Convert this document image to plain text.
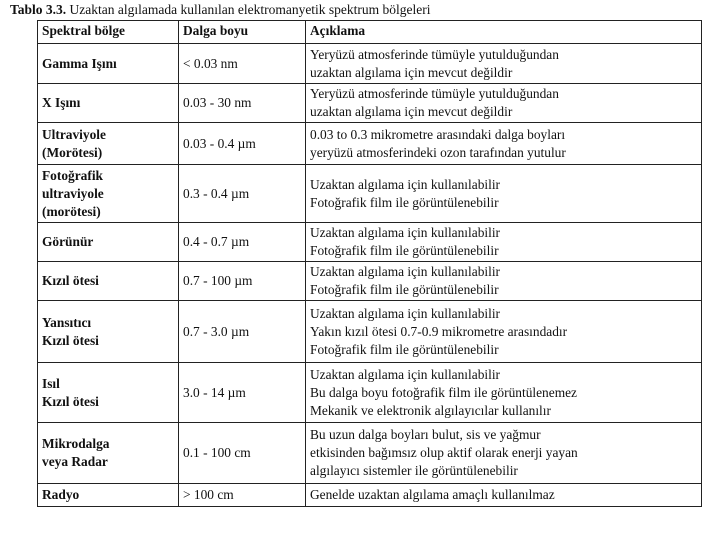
Tablo 3.3. Uzaktan algılamada kullanılan elektromanyetik spektrum bölgeleri
Spektral bölge	Dalga boyu	Açıklama

Gamma Işını	< 0.03 nm	Yeryüzü atmosferinde tümüyle yutulduğundan
uzaktan algılama için mevcut değildir

X Işını	0.03 - 30 nm	Yeryüzü atmosferinde tümüyle yutulduğundan
uzaktan algılama için mevcut değildir

Ultraviyole
(Morötesi)	0.03 - 0.4 µm	0.03 to 0.3 mikrometre arasındaki dalga boyları
yeryüzü atmosferindeki ozon tarafından yutulur

Fotoğrafik
ultraviyole
(morötesi)	0.3 - 0.4 µm	Uzaktan algılama için kullanılabilir
Fotoğrafik film ile görüntülenebilir

Görünür	0.4 - 0.7 µm	Uzaktan algılama için kullanılabilir
Fotoğrafik film ile görüntülenebilir

Kızıl ötesi	0.7 - 100 µm	Uzaktan algılama için kullanılabilir
Fotoğrafik film ile görüntülenebilir

Yansıtıcı
Kızıl ötesi	0.7 - 3.0 µm	Uzaktan algılama için kullanılabilir
Yakın kızıl ötesi 0.7-0.9 mikrometre arasındadır
Fotoğrafik film ile görüntülenebilir

Isıl
Kızıl ötesi	3.0 - 14 µm	Uzaktan algılama için kullanılabilir
Bu dalga boyu fotoğrafik film ile görüntülenemez
Mekanik ve elektronik algılayıcılar kullanılır

Mikrodalga
veya Radar	0.1 - 100 cm	Bu uzun dalga boyları bulut, sis ve yağmur
etkisinden bağımsız olup aktif olarak enerji yayan
algılayıcı sistemler ile görüntülenebilir

Radyo	> 100 cm	Genelde uzaktan algılama amaçlı kullanılmaz
